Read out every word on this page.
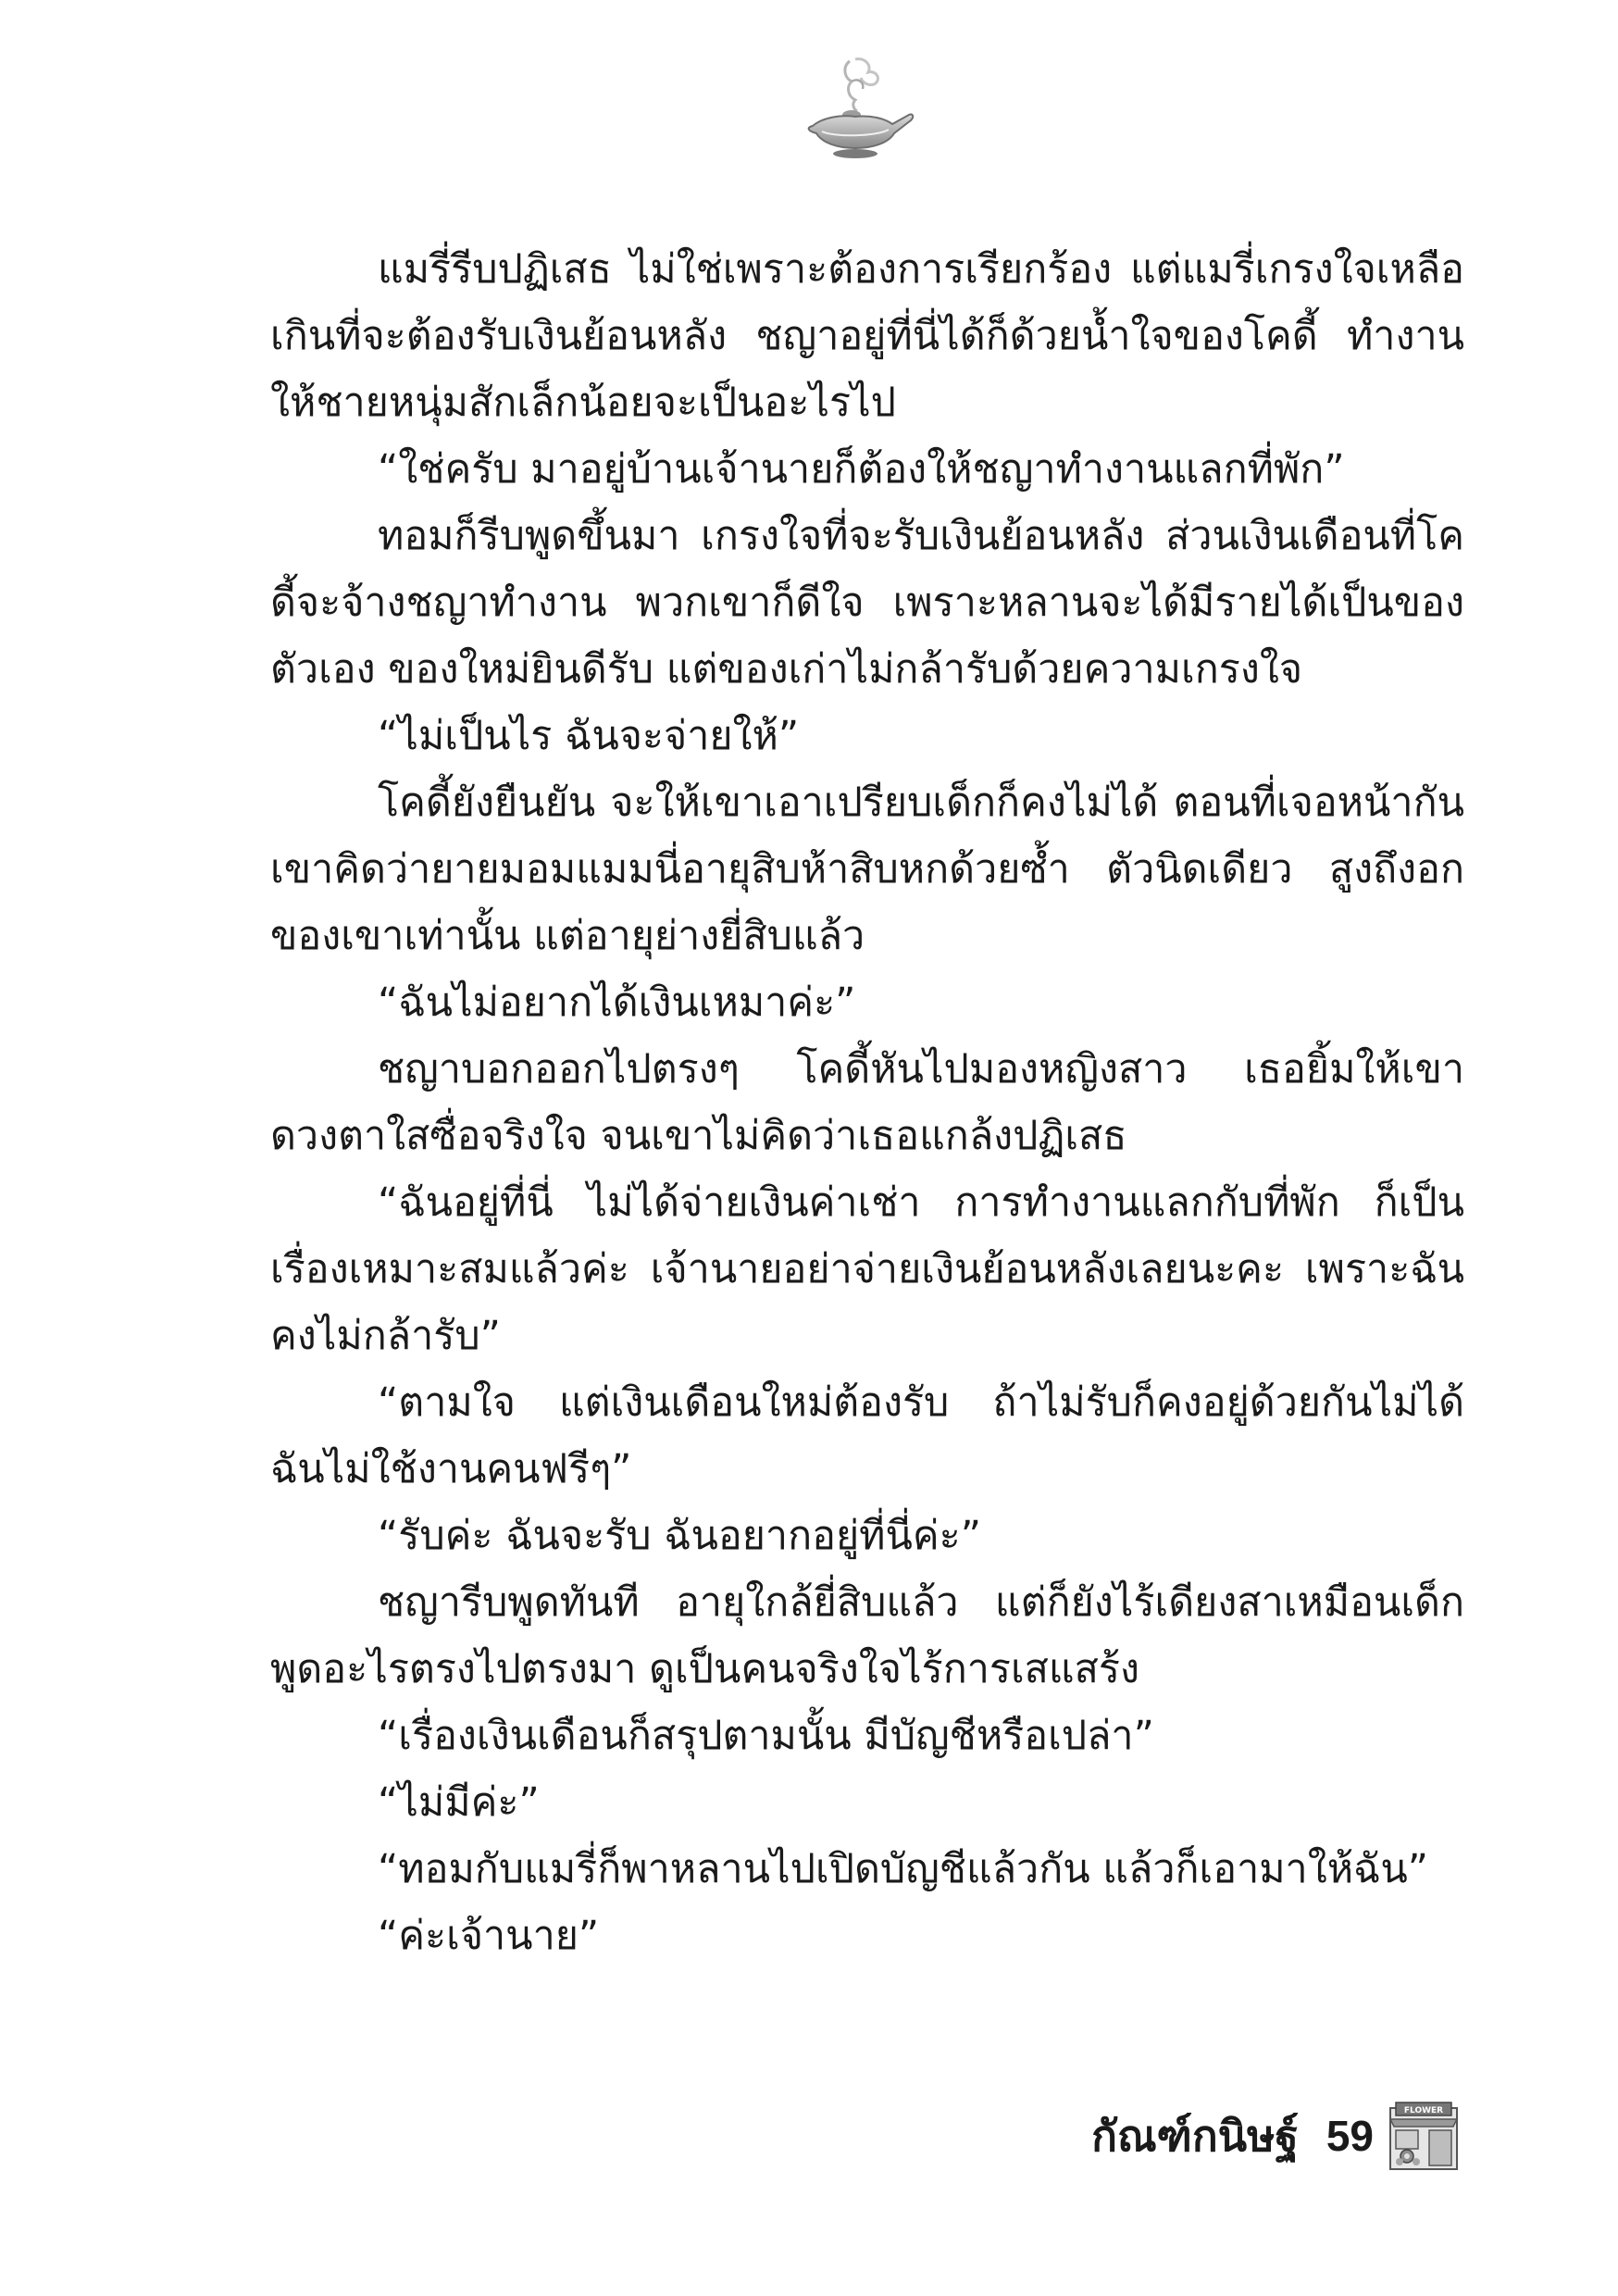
แมรี่รีบปฏิเสธ ไม่ใช่เพราะต้องการเรียกร้อง แต่แมรี่เกรงใจเหลือเกินที่จะต้องรับเงินย้อนหลัง ชญาอยู่ที่นี่ได้ก็ด้วยน้ำใจของโคดี้ ทำงานให้ชายหนุ่มสักเล็กน้อยจะเป็นอะไรไป

“ใช่ครับ มาอยู่บ้านเจ้านายก็ต้องให้ชญาทำงานแลกที่พัก”

ทอมก็รีบพูดขึ้นมา เกรงใจที่จะรับเงินย้อนหลัง ส่วนเงินเดือนที่โคดี้จะจ้างชญาทำงาน พวกเขาก็ดีใจ เพราะหลานจะได้มีรายได้เป็นของตัวเอง ของใหม่ยินดีรับ แต่ของเก่าไม่กล้ารับด้วยความเกรงใจ

“ไม่เป็นไร ฉันจะจ่ายให้”

โคดี้ยังยืนยัน จะให้เขาเอาเปรียบเด็กก็คงไม่ได้ ตอนที่เจอหน้ากัน เขาคิดว่ายายมอมแมมนี่อายุสิบห้าสิบหกด้วยซ้ำ ตัวนิดเดียว สูงถึงอกของเขาเท่านั้น แต่อายุย่างยี่สิบแล้ว

“ฉันไม่อยากได้เงินเหมาค่ะ”

ชญาบอกออกไปตรงๆ โคดี้หันไปมองหญิงสาว เธอยิ้มให้เขา ดวงตาใสซื่อจริงใจ จนเขาไม่คิดว่าเธอแกล้งปฏิเสธ

“ฉันอยู่ที่นี่ ไม่ได้จ่ายเงินค่าเช่า การทำงานแลกกับที่พัก ก็เป็นเรื่องเหมาะสมแล้วค่ะ เจ้านายอย่าจ่ายเงินย้อนหลังเลยนะคะ เพราะฉันคงไม่กล้ารับ”

“ตามใจ แต่เงินเดือนใหม่ต้องรับ ถ้าไม่รับก็คงอยู่ด้วยกันไม่ได้ ฉันไม่ใช้งานคนฟรีๆ”

“รับค่ะ ฉันจะรับ ฉันอยากอยู่ที่นี่ค่ะ”

ชญารีบพูดทันที อายุใกล้ยี่สิบแล้ว แต่ก็ยังไร้เดียงสาเหมือนเด็ก พูดอะไรตรงไปตรงมา ดูเป็นคนจริงใจไร้การเสแสร้ง

“เรื่องเงินเดือนก็สรุปตามนั้น มีบัญชีหรือเปล่า”

“ไม่มีค่ะ”

“ทอมกับแมรี่ก็พาหลานไปเปิดบัญชีแล้วกัน แล้วก็เอามาให้ฉัน”

“ค่ะเจ้านาย”

กัณฑ์กนิษฐ์ 59
FLOWER
